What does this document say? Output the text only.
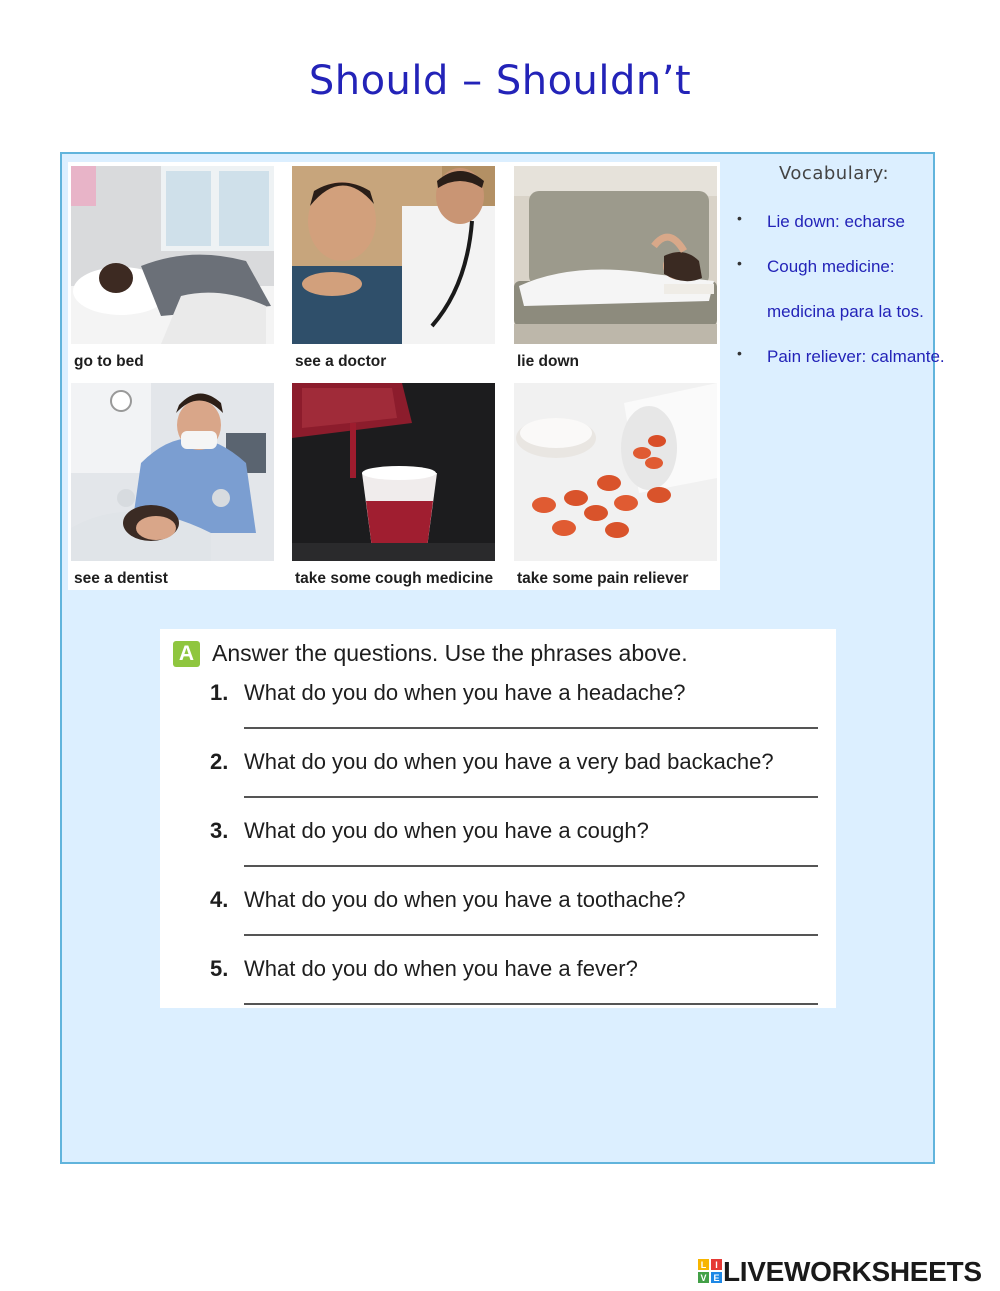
Should – Shouldn’t
go to bed	see a doctor	lie down
see a dentist	take some cough medicine take some pain reliever
Vocabulary:
• Lie down: echarse
• Cough medicine:
medicina para la tos.
• Pain reliever: calmante.
A Answer the questions. Use the phrases above.
1. What do you do when you have a headache?
2. What do you do when you have a very bad backache?
3. What do you do when you have a cough?
4. What do you do when you have a toothache?
5. What do you do when you have a fever?
L I
V E LIVEWORKSHEETS
